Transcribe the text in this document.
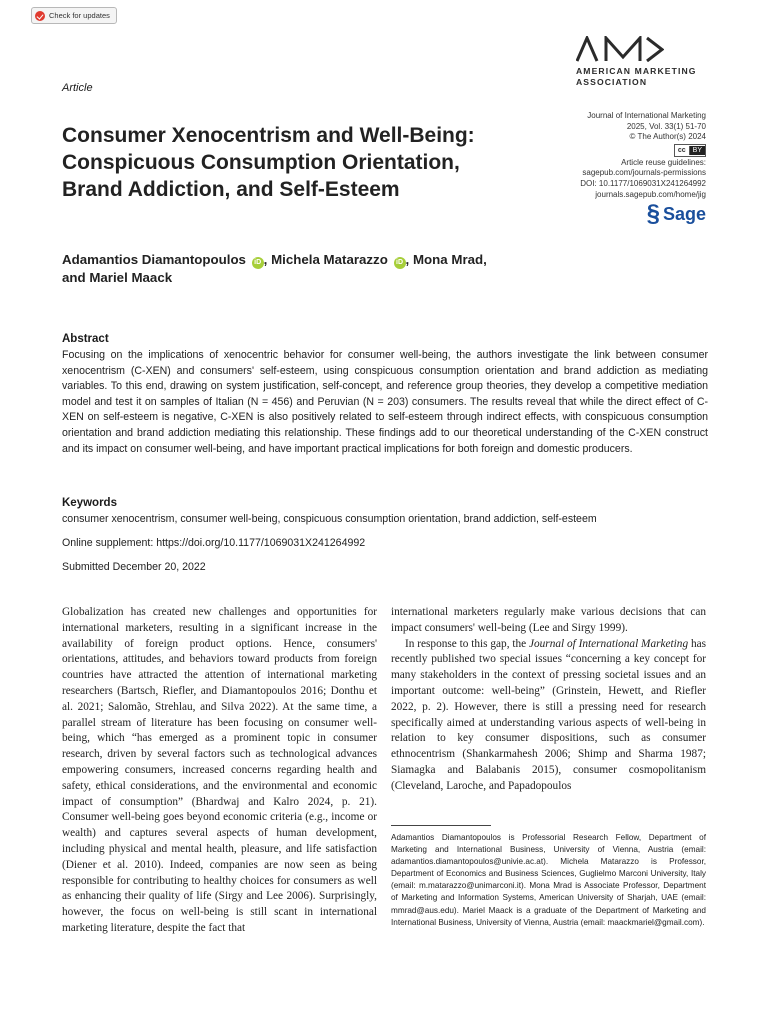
Check for updates
AMERICAN MARKETING
ASSOCIATION
Article
Consumer Xenocentrism and Well-Being:
Conspicuous Consumption Orientation,
Brand Addiction, and Self-Esteem
Journal of International Marketing
2025, Vol. 33(1) 51-70
© The Author(s) 2024
cc	BY
Article reuse guidelines:
sagepub.com/journals-permissions
DOI: 10.1177/1069031X241264992
journals.sagepub.com/home/jig
§ Sage

Adamantios Diamantopoulos iD , Michela Matarazzo iD , Mona Mrad,
and Mariel Maack

Abstract

Focusing on the implications of xenocentric behavior for consumer well-being, the authors investigate the link between consumer xenocentrism (C-XEN) and consumers' self-esteem, using conspicuous consumption orientation and brand addiction as mediating variables. To this end, drawing on system justification, self-concept, and reference group theories, they develop a competitive mediation model and test it on samples of Italian (N = 456) and Peruvian (N = 203) consumers. The results reveal that while the direct effect of C-XEN on self-esteem is negative, C-XEN is also positively related to self-esteem through indirect effects, with conspicuous consumption orientation and brand addiction mediating this relationship. These findings add to our theoretical understanding of the C-XEN construct and its impact on consumer well-being, and have important practical implications for both foreign and domestic producers.

Keywords

consumer xenocentrism, consumer well-being, conspicuous consumption orientation, brand addiction, self-esteem

Online supplement: https://doi.org/10.1177/1069031X241264992

Submitted December 20, 2022

Globalization has created new challenges and opportunities for international marketers, resulting in a significant increase in the availability of foreign product options. Hence, consumers' orientations, attitudes, and behaviors toward products from foreign countries have attracted the attention of international marketing researchers (Bartsch, Riefler, and Diamantopoulos 2016; Donthu et al. 2021; Salomão, Strehlau, and Silva 2022). At the same time, a parallel stream of literature has been focusing on consumer well-being, which “has emerged as a prominent topic in consumer research, driven by several factors such as technological advances empowering consumers, increased concerns regarding health and safety, ethical considerations, and the environmental and economic impact of consumption” (Bhardwaj and Kalro 2024, p. 21). Consumer well-being goes beyond economic criteria (e.g., income or wealth) and captures several aspects of human development, including physical and mental health, pleasure, and life satisfaction (Diener et al. 2010). Indeed, companies are now seen as being responsible for contributing to healthy choices for consumers as well as enhancing their quality of life (Sirgy and Lee 2006). Surprisingly, however, the focus on well-being is still scant in international marketing literature, despite the fact that

international marketers regularly make various decisions that can impact consumers' well-being (Lee and Sirgy 1999).

In response to this gap, the Journal of International Marketing has recently published two special issues “concerning a key concept for many stakeholders in the context of pressing societal issues and an important outcome: well-being” (Grinstein, Hewett, and Riefler 2022, p. 2). However, there is still a pressing need for research specifically aimed at understanding various aspects of well-being in relation to key consumer dispositions, such as consumer ethnocentrism (Shankarmahesh 2006; Shimp and Sharma 1987; Siamagka and Balabanis 2015), consumer cosmopolitanism (Cleveland, Laroche, and Papadopoulos

Adamantios Diamantopoulos is Professorial Research Fellow, Department of Marketing and International Business, University of Vienna, Austria (email: adamantios.diamantopoulos@univie.ac.at). Michela Matarazzo is Professor, Department of Economics and Business Sciences, Guglielmo Marconi University, Italy (email: m.matarazzo@unimarconi.it). Mona Mrad is Associate Professor, Department of Marketing and Information Systems, American University of Sharjah, UAE (email: mmrad@aus.edu). Mariel Maack is a graduate of the Department of Marketing and International Business, University of Vienna, Austria (email: maackmariel@gmail.com).
